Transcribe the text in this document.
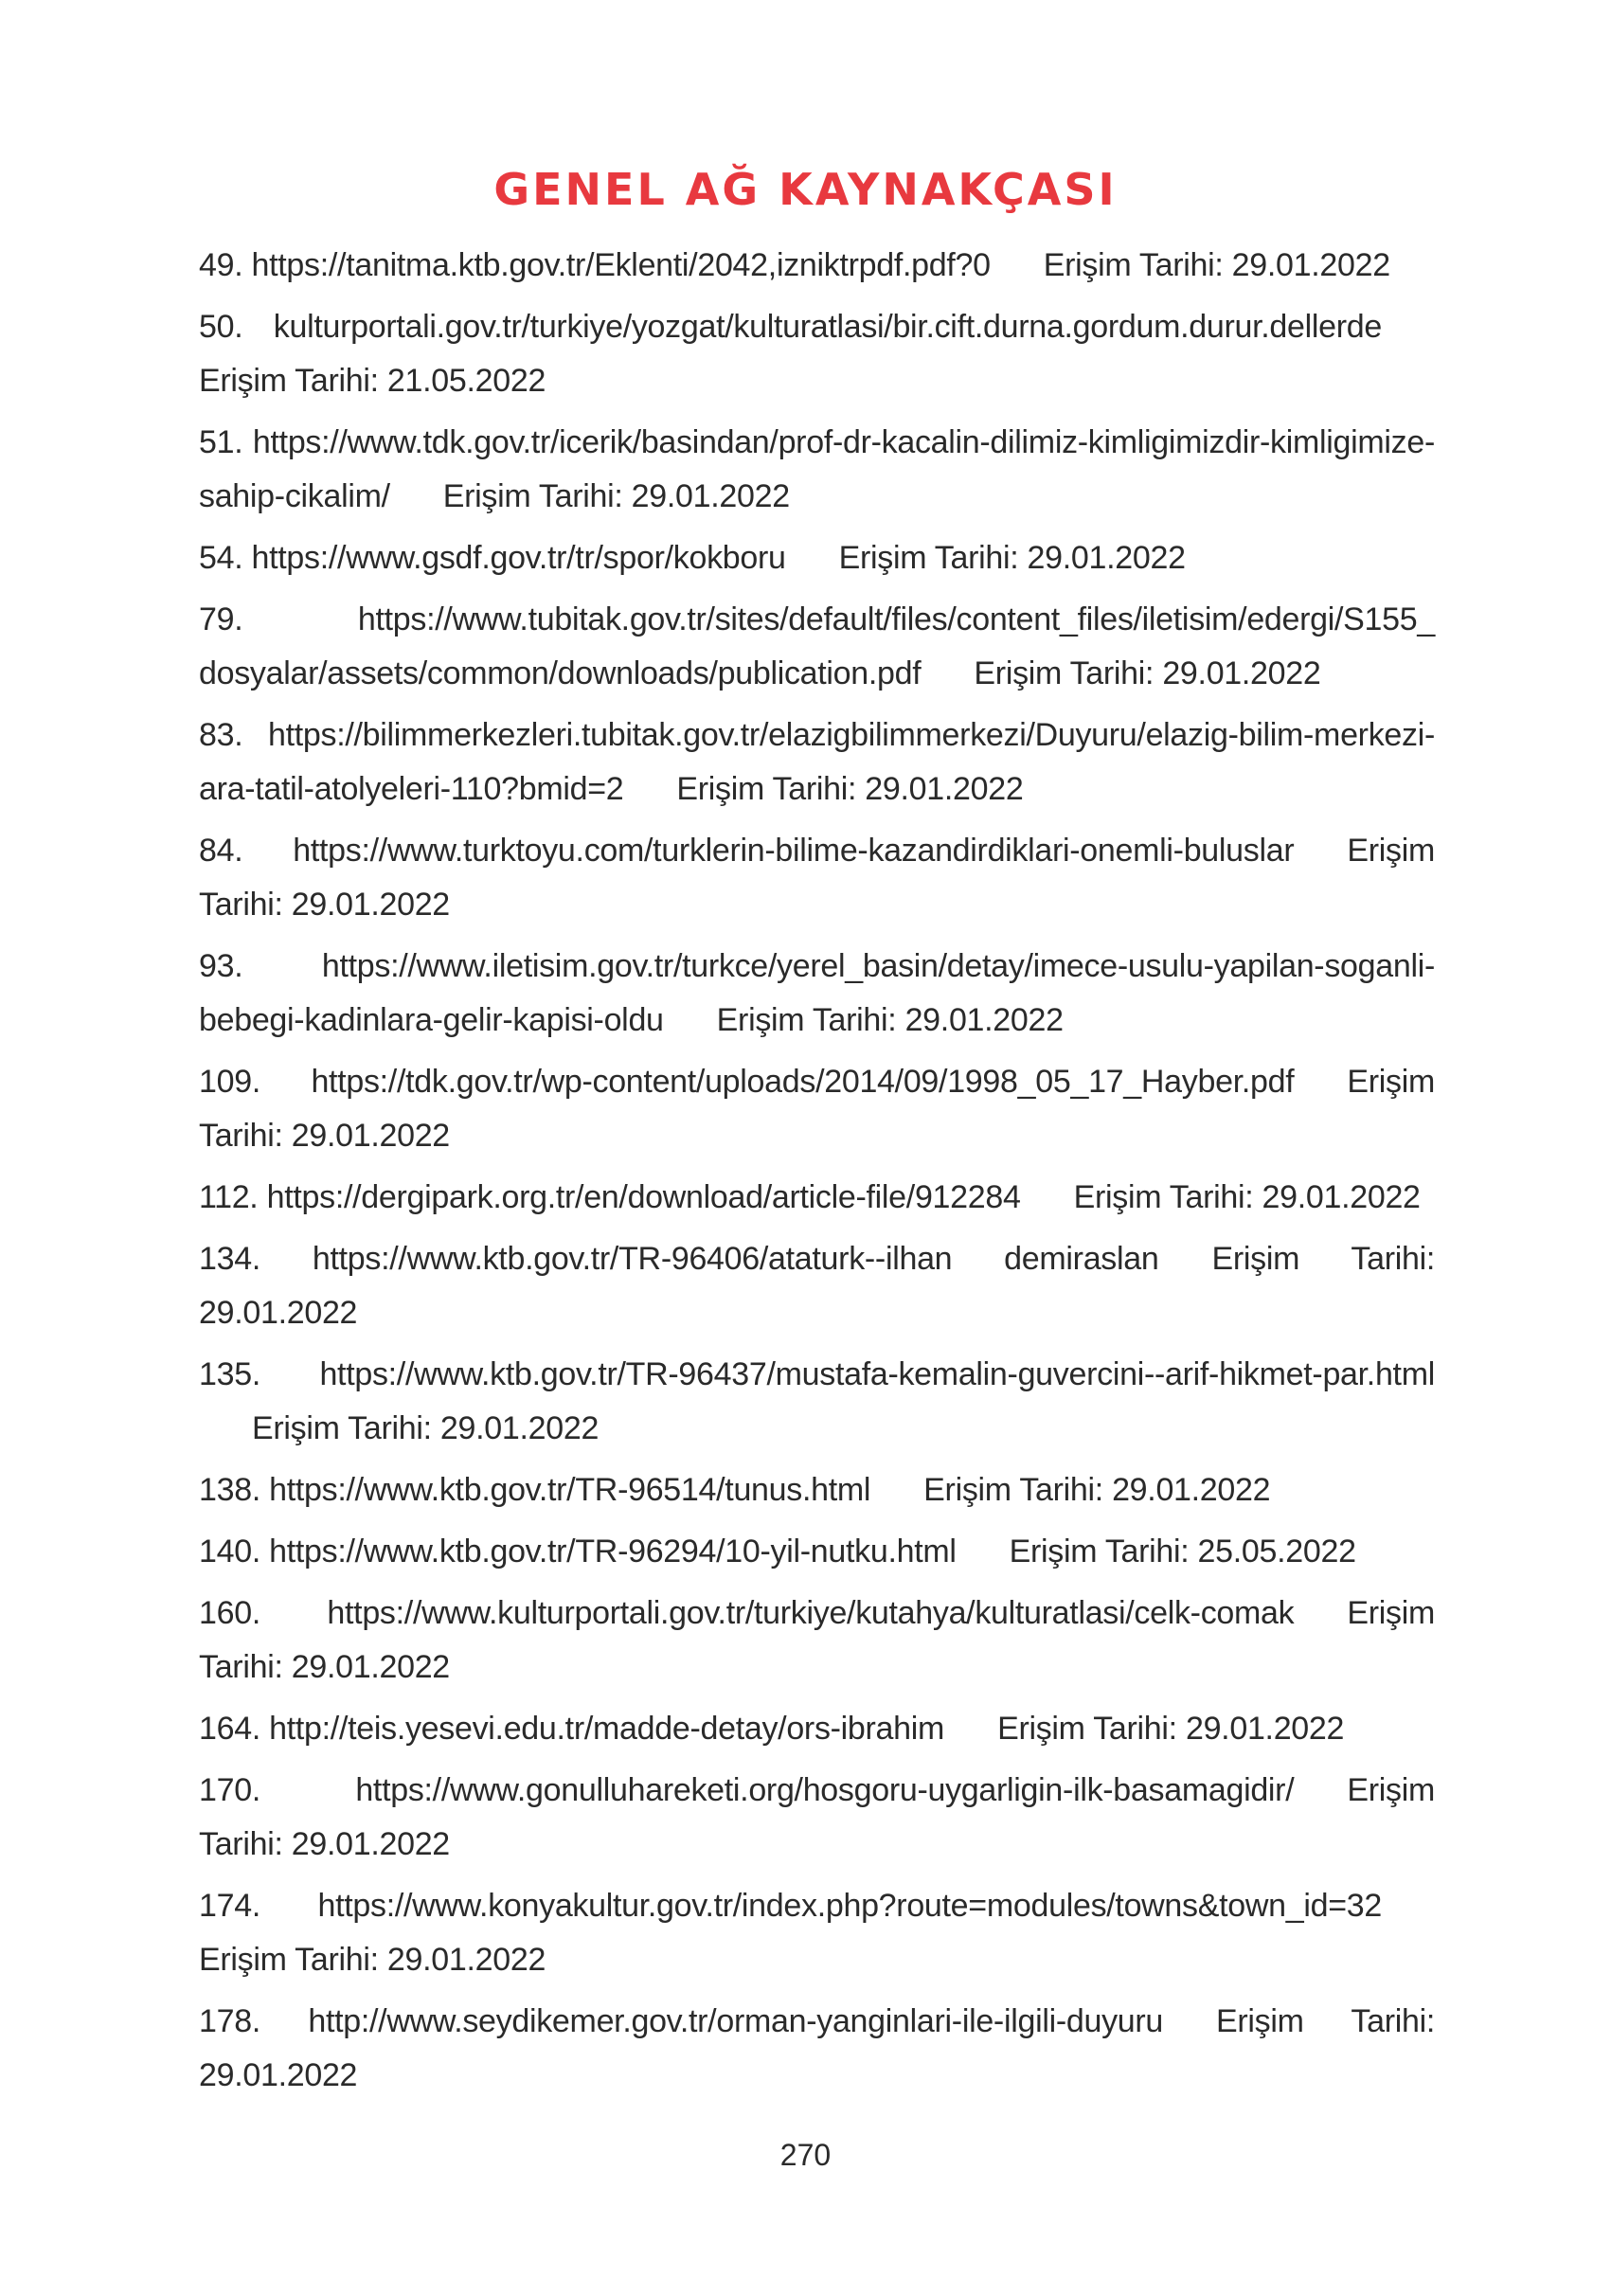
GENEL AĞ KAYNAKÇASI

49. https://tanitma.ktb.gov.tr/Eklenti/2042,izniktrpdf.pdf?0 Erişim Tarihi: 29.01.2022

50. kulturportali.gov.tr/turkiye/yozgat/kulturatlasi/bir.cift.durna.gordum.durur.dellerdeErişim Tarihi: 21.05.2022

51. https://www.tdk.gov.tr/icerik/basindan/prof-dr-kacalin-dilimiz-kimligimizdir-kimligimize-sahip-cikalim/ Erişim Tarihi: 29.01.2022

54. https://www.gsdf.gov.tr/tr/spor/kokboru Erişim Tarihi: 29.01.2022

79.	https://www.tubitak.gov.tr/sites/default/files/content_files/iletisim/edergi/S155_dosyalar/assets/common/downloads/publication.pdf Erişim Tarihi: 29.01.2022

83. https://bilimmerkezleri.tubitak.gov.tr/elazigbilimmerkezi/Duyuru/elazig-bilim-merkezi-ara-tatil-atolyeleri-110?bmid=2 Erişim Tarihi: 29.01.2022

84. https://www.turktoyu.com/turklerin-bilime-kazandirdiklari-onemli-buluslar Erişim Tarihi: 29.01.2022

93. https://www.iletisim.gov.tr/turkce/yerel_basin/detay/imece-usulu-yapilan-soganli-bebegi-kadinlara-gelir-kapisi-oldu Erişim Tarihi: 29.01.2022

109. https://tdk.gov.tr/wp-content/uploads/2014/09/1998_05_17_Hayber.pdf Erişim Tarihi: 29.01.2022

112. https://dergipark.org.tr/en/download/article-file/912284 Erişim Tarihi: 29.01.2022

134. https://www.ktb.gov.tr/TR-96406/ataturk--ilhan demiraslan Erişim Tarihi: 29.01.2022

135. https://www.ktb.gov.tr/TR-96437/mustafa-kemalin-guvercini--arif-hikmet-par.htmlErişim Tarihi: 29.01.2022

138. https://www.ktb.gov.tr/TR-96514/tunus.html Erişim Tarihi: 29.01.2022

140. https://www.ktb.gov.tr/TR-96294/10-yil-nutku.html Erişim Tarihi: 25.05.2022

160. https://www.kulturportali.gov.tr/turkiye/kutahya/kulturatlasi/celk-comak Erişim Tarihi: 29.01.2022

164. http://teis.yesevi.edu.tr/madde-detay/ors-ibrahim Erişim Tarihi: 29.01.2022

170.	https://www.gonulluhareketi.org/hosgoru-uygarligin-ilk-basamagidir/ Erişim Tarihi: 29.01.2022

174. https://www.konyakultur.gov.tr/index.php?route=modules/towns&town_id=32Erişim Tarihi: 29.01.2022

178. http://www.seydikemer.gov.tr/orman-yanginlari-ile-ilgili-duyuru Erişim Tarihi: 29.01.2022

270
